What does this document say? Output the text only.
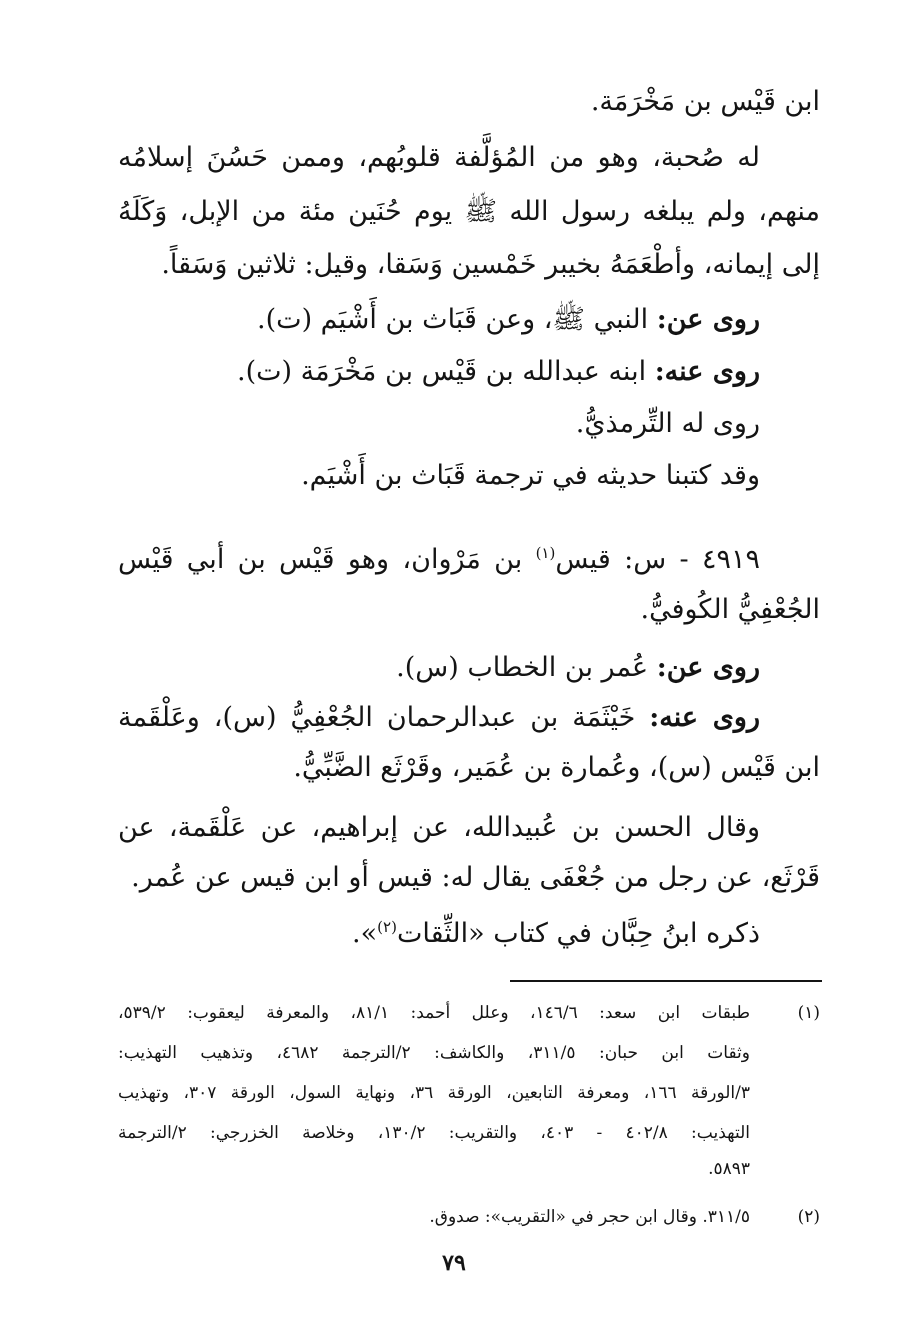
ابن قَيْس بن مَخْرَمَة.
له صُحبة، وهو من المُؤلَّفة قلوبُهم، وممن حَسُنَ إسلامُه
منهم، ولم يبلغه رسول الله ﷺ يوم حُنَين مئة من الإبل، وَكَلَهُ
إلى إيمانه، وأطْعَمَهُ بخيبر خَمْسين وَسَقا، وقيل: ثلاثين وَسَقاً.
روى عن: النبي ﷺ، وعن قَبَاث بن أَشْيَم (ت).
روى عنه: ابنه عبدالله بن قَيْس بن مَخْرَمَة (ت).
روى له التِّرمذيُّ.
وقد كتبنا حديثه في ترجمة قَبَاث بن أَشْيَم.
٤٩١٩ - س: قيس$^{(١)}$ بن مَرْوان، وهو قَيْس بن أبي قَيْس
الجُعْفِيُّ الكُوفيُّ.
روى عن: عُمر بن الخطاب (س).
روى عنه: خَيْثَمَة بن عبدالرحمان الجُعْفِيُّ (س)، وعَلْقَمة
ابن قَيْس (س)، وعُمارة بن عُمَير، وقَرْثَع الضَّبِّيُّ.
وقال الحسن بن عُبيدالله، عن إبراهيم، عن عَلْقَمة، عن
قَرْثَع، عن رجل من جُعْفَى يقال له: قيس أو ابن قيس عن عُمر.
ذكره ابنُ حِبَّان في كتاب «الثِّقات$^{(٢)}$».
(١)
طبقات ابن سعد: ١٤٦/٦، وعلل أحمد: ٨١/١، والمعرفة ليعقوب: ٥٣٩/٢،
وثقات ابن حبان: ٣١١/٥، والكاشف: ٢/الترجمة ٤٦٨٢، وتذهيب التهذيب:
٣/الورقة ١٦٦، ومعرفة التابعين، الورقة ٣٦، ونهاية السول، الورقة ٣٠٧، وتهذيب
التهذيب: ٤٠٢/٨ - ٤٠٣، والتقريب: ١٣٠/٢، وخلاصة الخزرجي: ٢/الترجمة
٥٨٩٣.
(٢)
٣١١/٥. وقال ابن حجر في «التقريب»: صدوق.
٧٩
